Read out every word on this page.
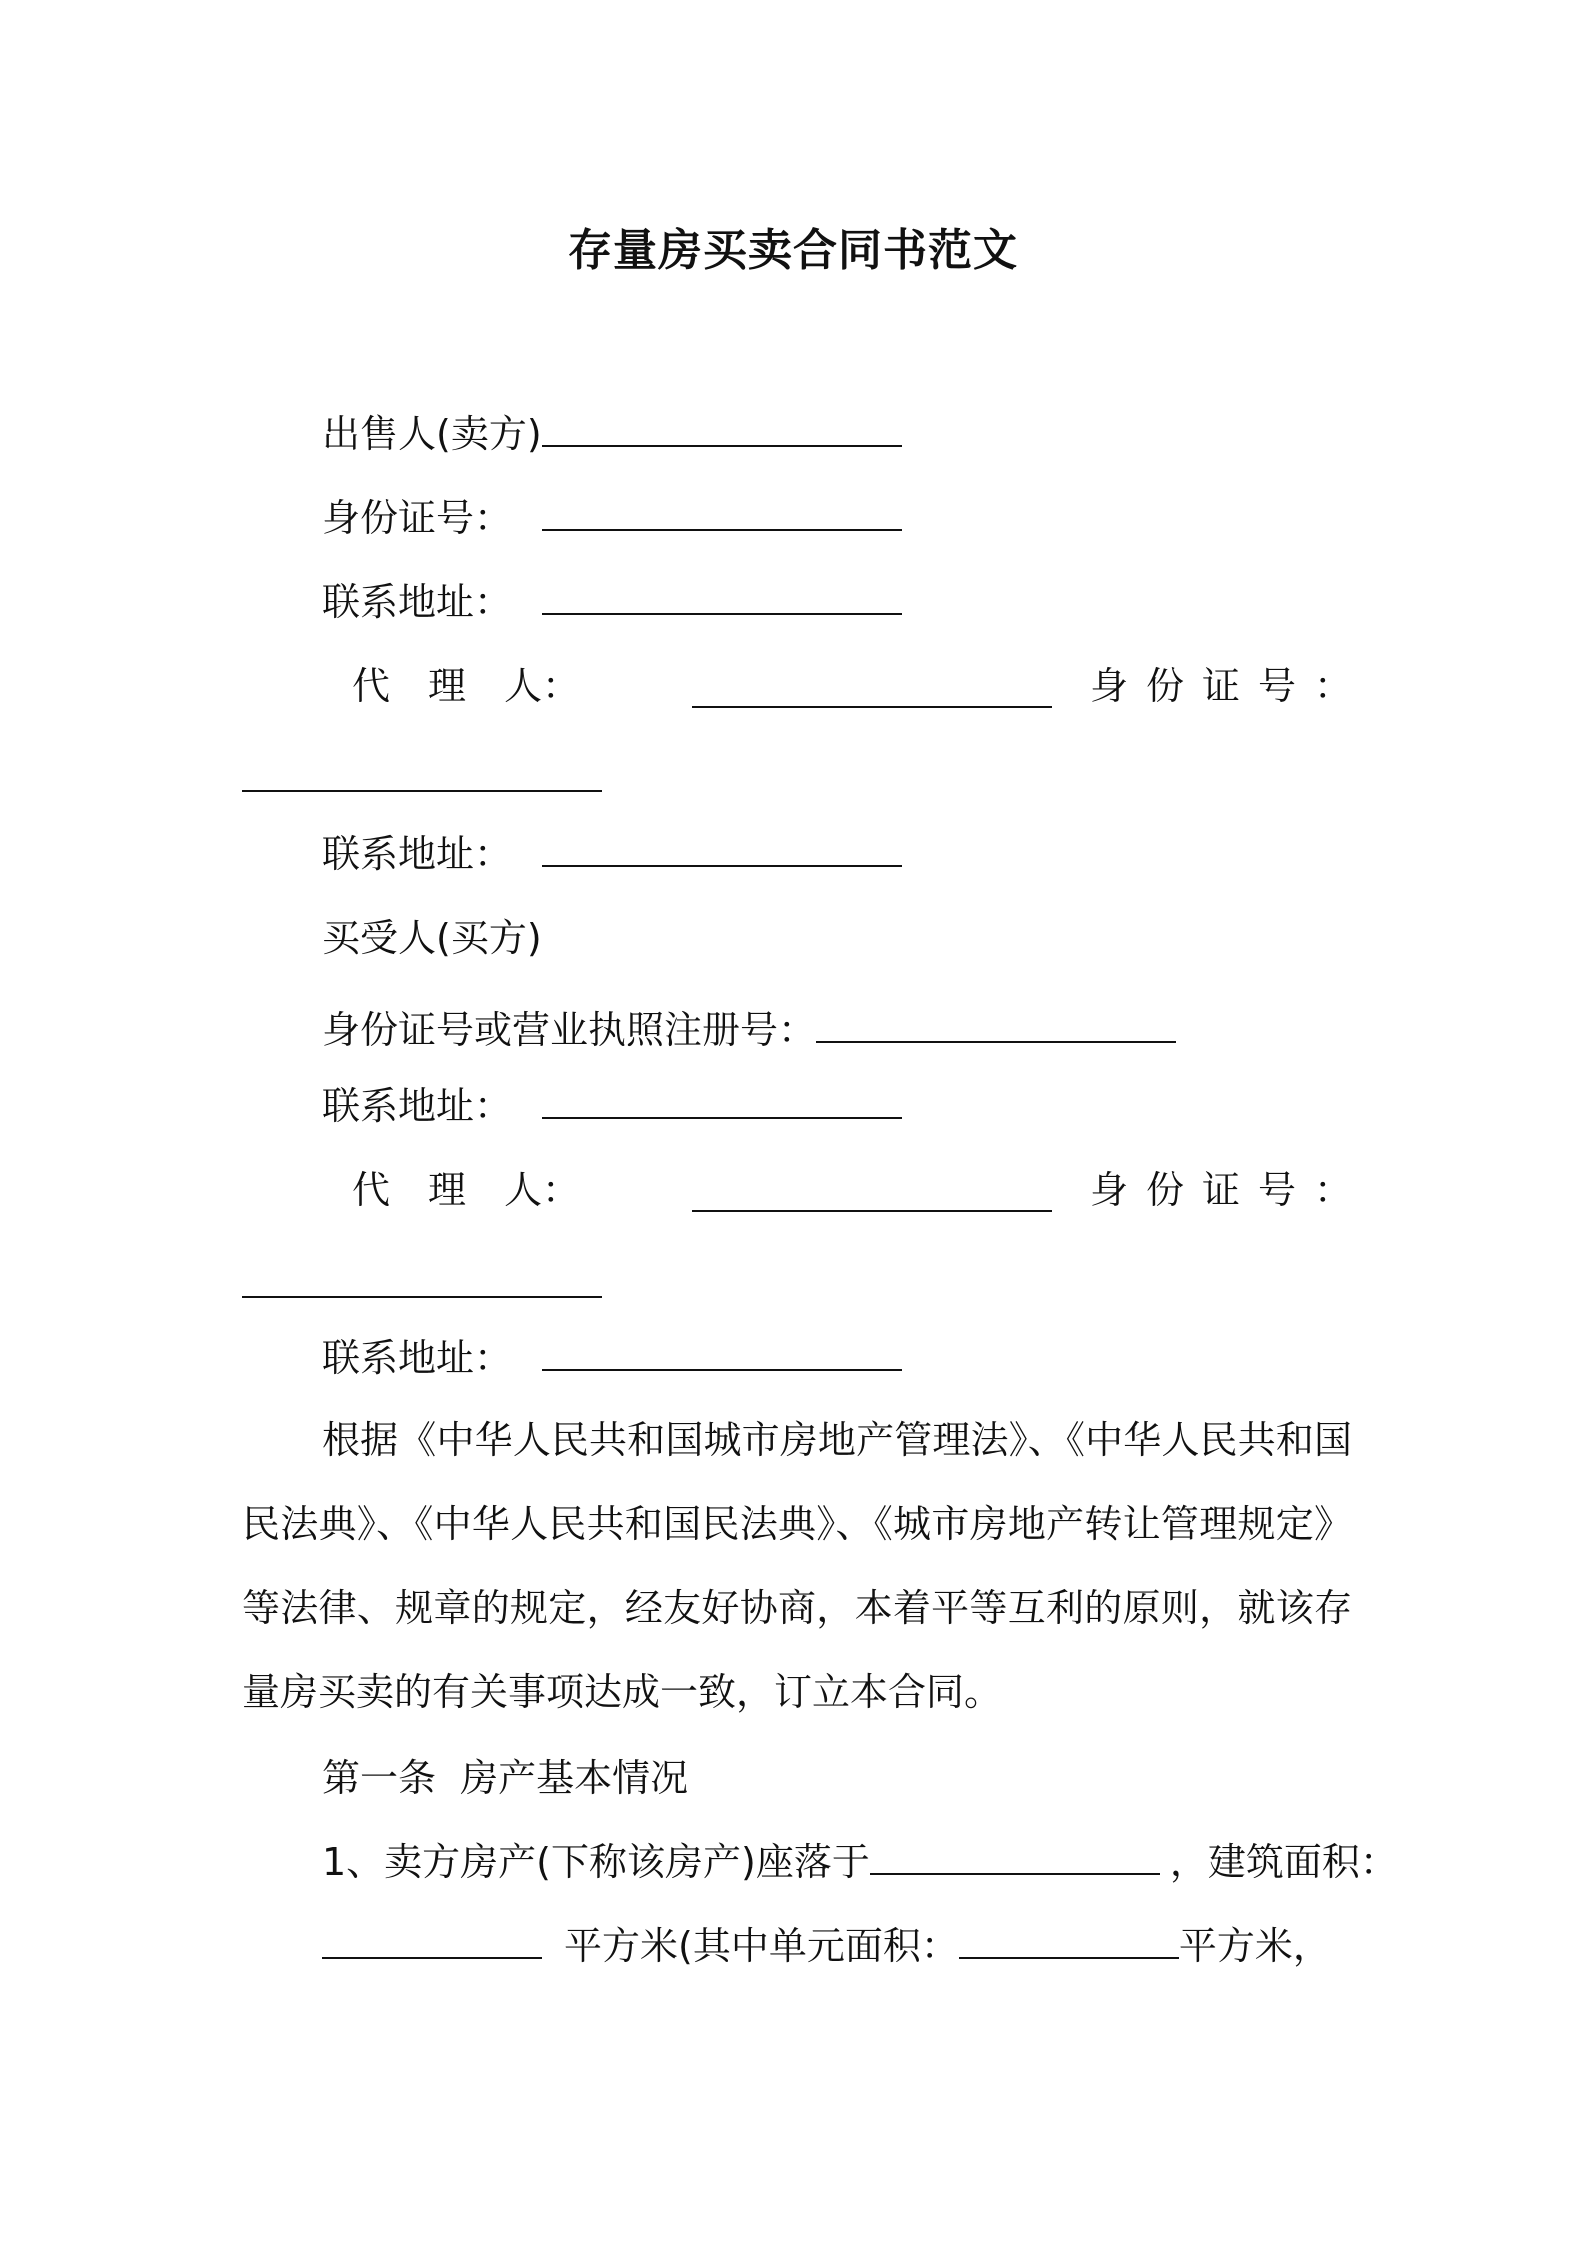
存量房买卖合同书范文
出售人(卖方)
身份证号：
联系地址：
代　理　人：	身份证号：
联系地址：
买受人(买方)
身份证号或营业执照注册号：
联系地址：
代　理　人：	身份证号：
联系地址：
根据《中华人民共和国城市房地产管理法》、《中华人民共和国民法典》、《中华人民共和国民法典》、《城市房地产转让管理规定》等法律、规章的规定，经友好协商，本着平等互利的原则，就该存量房买卖的有关事项达成一致，订立本合同。
第一条  房产基本情况
1、卖方房产(下称该房产)座落于	，建筑面积：
平方米(其中单元面积：	平方米，
